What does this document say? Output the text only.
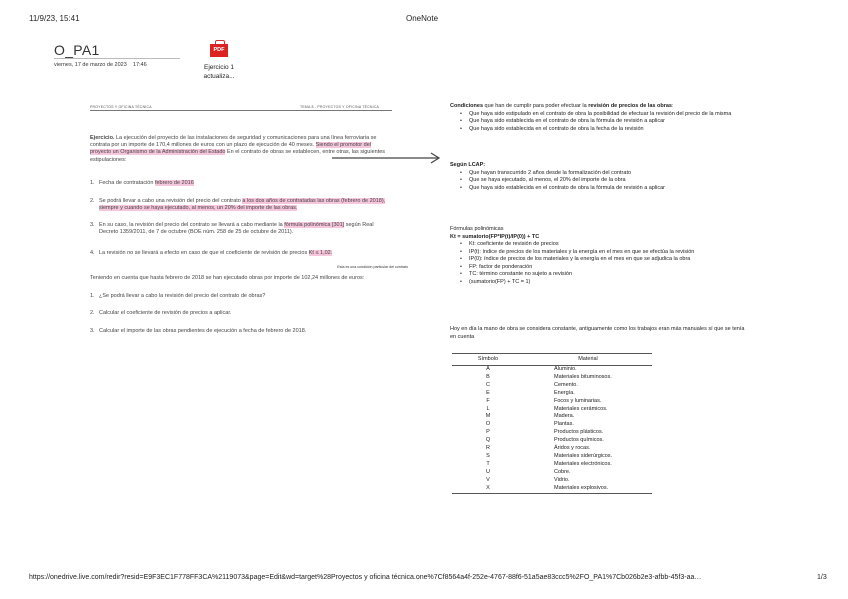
11/9/23, 15:41	OneNote
O_PA1
viernes, 17 de marzo de 2023 17:46
PDF
Ejercicio 1
actualiza...
PROYECTOS Y OFICINA TÉCNICA	TEMA 8 - PROYECTOS Y OFICINA TÉCNICA
Ejercicio. La ejecución del proyecto de las instalaciones de seguridad y comunicaciones para una línea ferroviaria se contrata por un importe de 170,4 millones de euros con un plazo de ejecución de 40 meses. Siendo el promotor del proyecto un Organismo de la Administración del Estado En el contrato de obras se establecen, entre otras, las siguientes estipulaciones:
1. Fecha de contratación febrero de 2016
2. Se podrá llevar a cabo una revisión del precio del contrato a los dos años de contratadas las obras (febrero de 2018), siempre y cuando se haya ejecutado, al menos, un 20% del importe de las obras.
3. En su caso, la revisión del precio del contrato se llevará a cabo mediante la fórmula polinómica [301] según Real Decreto 1359/2011, de 7 de octubre (BOE núm. 258 de 25 de octubre de 2011).
4. La revisión no se llevará a efecto en caso de que el coeficiente de revisión de precios Kt ≤ 1,02.
Esta es una condición particular del contrato
Teniendo en cuenta que hasta febrero de 2018 se han ejecutado obras por importe de 102,24 millones de euros:
1. ¿Se podrá llevar a cabo la revisión del precio del contrato de obras?
2. Calcular el coeficiente de revisión de precios a aplicar.
3. Calcular el importe de las obras pendientes de ejecución a fecha de febrero de 2018.
Condiciones que han de cumplir para poder efectuar la revisión de precios de las obras:
• Que haya sido estipulado en el contrato de obra la posibilidad de efectuar la revisión del precio de la misma
• Que haya sido establecida en el contrato de obra la fórmula de revisión a aplicar
• Que haya sido establecida en el contrato de obra la fecha de la revisión
Según LCAP:
• Que hayan transcurrido 2 años desde la formalización del contrato
• Que se haya ejecutado, al menos, el 20% del importe de la obra
• Que haya sido establecida en el contrato de obra la fórmula de revisión a aplicar
Fórmulas polinómicas
Kt = sumatorio(FP*IP(t)/IP(0)) + TC
• Kt: coeficiente de revisión de precios
• IP(t): índice de precios de los materiales y la energía en el mes en que se efectúa la revisión
• IP(0): índice de precios de los materiales y la energía en el mes en que se adjudica la obra
• FP: factor de ponderación
• TC: término constante no sujeto a revisión
• (sumatorio(FP) + TC = 1)
Hoy en día la mano de obra se considera constante, antiguamente como los trabajos eran más manuales sí que se tenía en cuenta
Símbolo	Material
A	Aluminio.
B	Materiales bituminosos.
C	Cemento.
E	Energía.
F	Focos y luminarias.
L	Materiales cerámicos.
M	Madera.
O	Plantas.
P	Productos plásticos.
Q	Productos químicos.
R	Áridos y rocas.
S	Materiales siderúrgicos.
T	Materiales electrónicos.
U	Cobre.
V	Vidrio.
X	Materiales explosivos.
https://onedrive.live.com/redir?resid=E9F3EC1F778FF3CA%2119073&page=Edit&wd=target%28Proyectos y oficina técnica.one%7Cf8564a4f-252e-4767-88f6-51a5ae83ccc5%2FO_PA1%7Cb026b2e3-afbb-45f3-aa…	1/3
